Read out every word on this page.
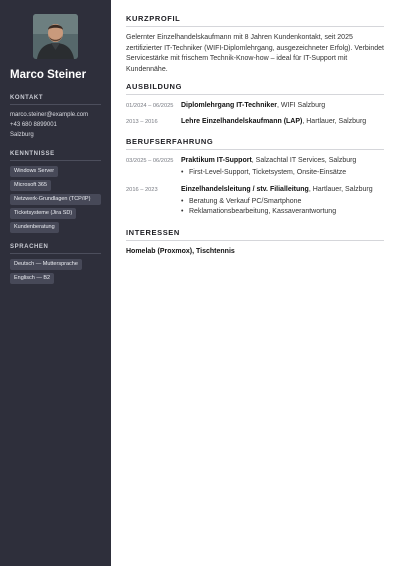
Marco Steiner
KONTAKT
marco.steiner@example.com
+43 680 8899001
Salzburg
KENNTNISSE
Windows Server
Microsoft 365
Netzwerk-Grundlagen (TCP/IP)
Ticketsysteme (Jira SD)
Kundenberatung
SPRACHEN
Deutsch — Muttersprache
Englisch — B2
KURZPROFIL

Gelernter Einzelhandelskaufmann mit 8 Jahren Kundenkontakt, seit 2025 zertifizierter IT-Techniker (WIFI-Diplomlehrgang, ausgezeichneter Erfolg). Verbindet Servicestärke mit frischem Technik-Know-how – ideal für IT-Support mit Kundennähe.

AUSBILDUNG
01/2024 – 06/2025	Diplomlehrgang IT-Techniker, WIFI Salzburg
2013 – 2016	Lehre Einzelhandelskaufmann (LAP), Hartlauer, Salzburg
BERUFSERFAHRUNG
03/2025 – 06/2025	Praktikum IT-Support, Salzachtal IT Services, Salzburg
• First-Level-Support, Ticketsystem, Onsite-Einsätze
2016 – 2023	Einzelhandelsleitung / stv. Filialleitung, Hartlauer, Salzburg
• Beratung & Verkauf PC/Smartphone
• Reklamationsbearbeitung, Kassaverantwortung
INTERESSEN
Homelab (Proxmox), Tischtennis
